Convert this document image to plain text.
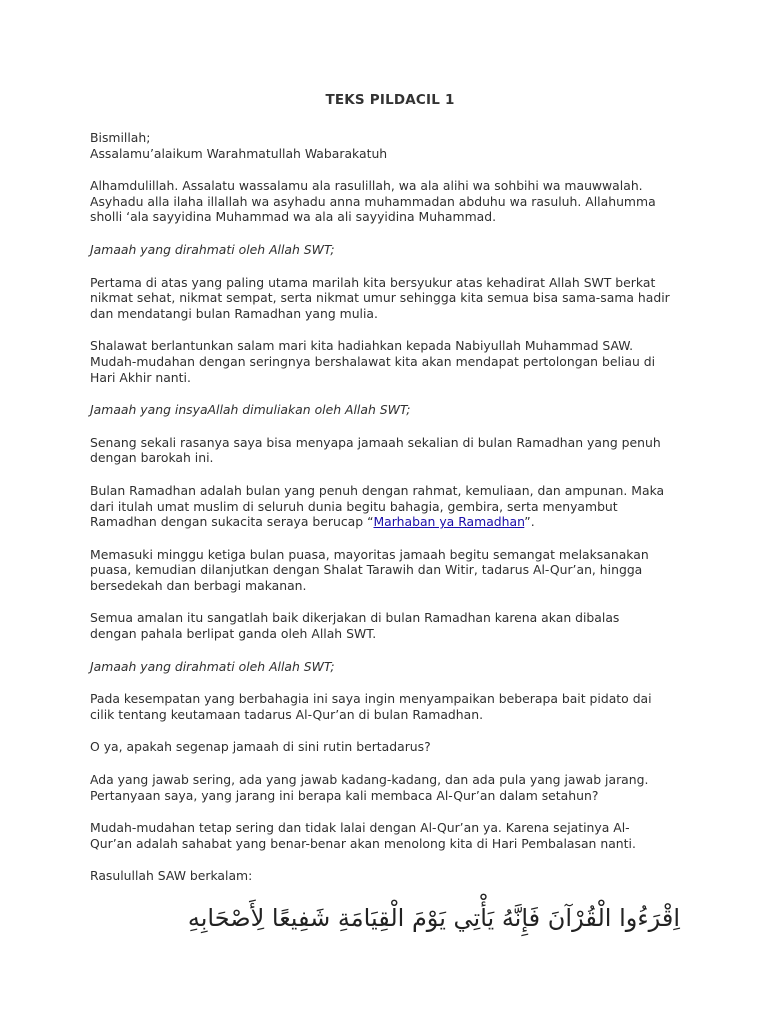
TEKS PILDACIL 1
Bismillah;
Assalamu’alaikum Warahmatullah Wabarakatuh
Alhamdulillah. Assalatu wassalamu ala rasulillah, wa ala alihi wa sohbihi wa mauwwalah.
Asyhadu alla ilaha illallah wa asyhadu anna muhammadan abduhu wa rasuluh. Allahumma
sholli ‘ala sayyidina Muhammad wa ala ali sayyidina Muhammad.
Jamaah yang dirahmati oleh Allah SWT;
Pertama di atas yang paling utama marilah kita bersyukur atas kehadirat Allah SWT berkat
nikmat sehat, nikmat sempat, serta nikmat umur sehingga kita semua bisa sama-sama hadir
dan mendatangi bulan Ramadhan yang mulia.
Shalawat berlantunkan salam mari kita hadiahkan kepada Nabiyullah Muhammad SAW.
Mudah-mudahan dengan seringnya bershalawat kita akan mendapat pertolongan beliau di
Hari Akhir nanti.
Jamaah yang insyaAllah dimuliakan oleh Allah SWT;
Senang sekali rasanya saya bisa menyapa jamaah sekalian di bulan Ramadhan yang penuh
dengan barokah ini.
Bulan Ramadhan adalah bulan yang penuh dengan rahmat, kemuliaan, dan ampunan. Maka
dari itulah umat muslim di seluruh dunia begitu bahagia, gembira, serta menyambut
Ramadhan dengan sukacita seraya berucap “Marhaban ya Ramadhan”.
Memasuki minggu ketiga bulan puasa, mayoritas jamaah begitu semangat melaksanakan
puasa, kemudian dilanjutkan dengan Shalat Tarawih dan Witir, tadarus Al-Qur’an, hingga
bersedekah dan berbagi makanan.
Semua amalan itu sangatlah baik dikerjakan di bulan Ramadhan karena akan dibalas
dengan pahala berlipat ganda oleh Allah SWT.
Jamaah yang dirahmati oleh Allah SWT;
Pada kesempatan yang berbahagia ini saya ingin menyampaikan beberapa bait pidato dai
cilik tentang keutamaan tadarus Al-Qur’an di bulan Ramadhan.
O ya, apakah segenap jamaah di sini rutin bertadarus?
Ada yang jawab sering, ada yang jawab kadang-kadang, dan ada pula yang jawab jarang.
Pertanyaan saya, yang jarang ini berapa kali membaca Al-Qur’an dalam setahun?
Mudah-mudahan tetap sering dan tidak lalai dengan Al-Qur’an ya. Karena sejatinya Al-
Qur’an adalah sahabat yang benar-benar akan menolong kita di Hari Pembalasan nanti.
Rasulullah SAW berkalam:
اِقْرَءُوا الْقُرْآنَ فَإِنَّهُ يَأْتِي يَوْمَ الْقِيَامَةِ شَفِيعًا لِأَصْحَابِهِ
